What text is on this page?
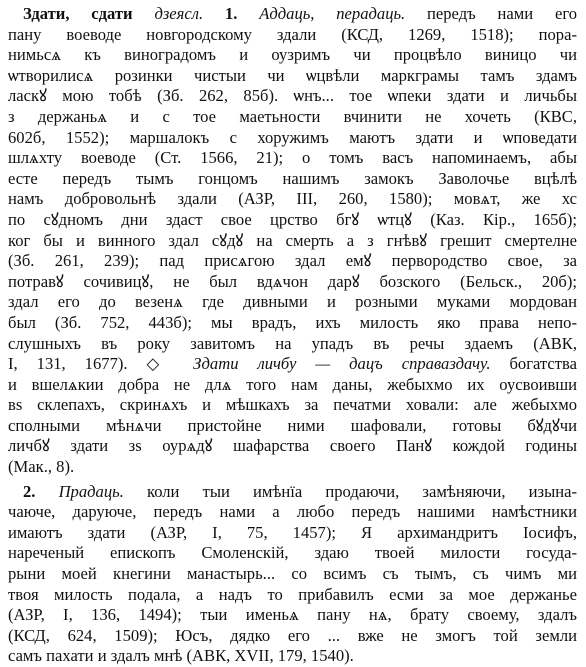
Здати, сдати дзеясл. 1. Аддаць, перадаць. передъ нами его
пану воеводе новгородскому здали (КСД, 1269, 1518); пора-
нимьсѧ къ виноградомъ и оузримъ чи процвѣло виницо чи
ѡтворилисѧ розинки чистыи чи ѡцвѣли маркграмы тамъ здамъ
ласкꙋ мою тобѣ (Зб. 262, 85б). ѡнъ... тое ѡпеки здати и личьбы
з держаньѧ и с тое маетьности вчинити не хочеть (КВС,
602б, 1552); маршалокъ с хоружимъ маютъ здати и ѡповедати
шлѧхту воеводе (Ст. 1566, 21); о томъ васъ напоминаемъ, абы
есте передъ тымъ гонцомъ нашимъ замокъ Заволочье вцѣлѣ
намъ добровольнѣ здали (АЗР, III, 260, 1580); мовѧт, же хс
по сꙋдномъ дни здаст свое црство бгꙋ ѡтцꙋ (Каз. Кір., 165б);
ког бы и винного здал сꙋдꙋ на смерть а з гнѣвꙋ грешит смертелне
(Зб. 261, 239); пад присѧгою здал емꙋ первородство свое, за
потравꙋ сочивицꙋ, не был вдѧчон дарꙋ бозского (Бельск., 20б);
здал его до везенѧ где дивными и розными муками мордован
был (Зб. 752, 443б); мы врадъ, ихъ милость яко права непо-
слушныхъ въ року завитомъ на упадъ въ речы здаемъ (АВК,
I, 131, 1677). ◇ Здати личбу — дацъ справаздачу. богатства
и вшелѧкии добра не длѧ того нам даны, жебыхмо их оусвоивши
вѕ склепахъ, скринѧхъ и мѣшкахъ за печатми ховали: але жебыхмо
сполными мѣнѧчи пристойне ними шафовали, готовы бꙋдꙋчи
личбꙋ здати зѕ оурѧдꙋ шафарства своего Панꙋ кождой годины
(Мак., 8).
2. Прадаць. коли тыи имѣнїа продаючи, замѣняючи, изына-
чаюче, даруюче, передъ нами а любо передъ нашими намѣстники
имаютъ здати (АЗР, I, 75, 1457); Я архимандритъ Іосифъ,
нареченый епископъ Смоленскій, здаю твоей милости госуда-
рыни моей кнегини манастырь... со всимъ съ тымъ, съ чимъ ми
твоя милость подала, а надъ то прибавилъ есми за мое держанье
(АЗР, I, 136, 1494); тыи именьѧ пану нѧ, брату своему, здалъ
(КСД, 624, 1509); Юсъ, дядко его ... вже не змогъ той земли
самъ пахати и здалъ мнѣ (АВК, XVII, 179, 1540).
